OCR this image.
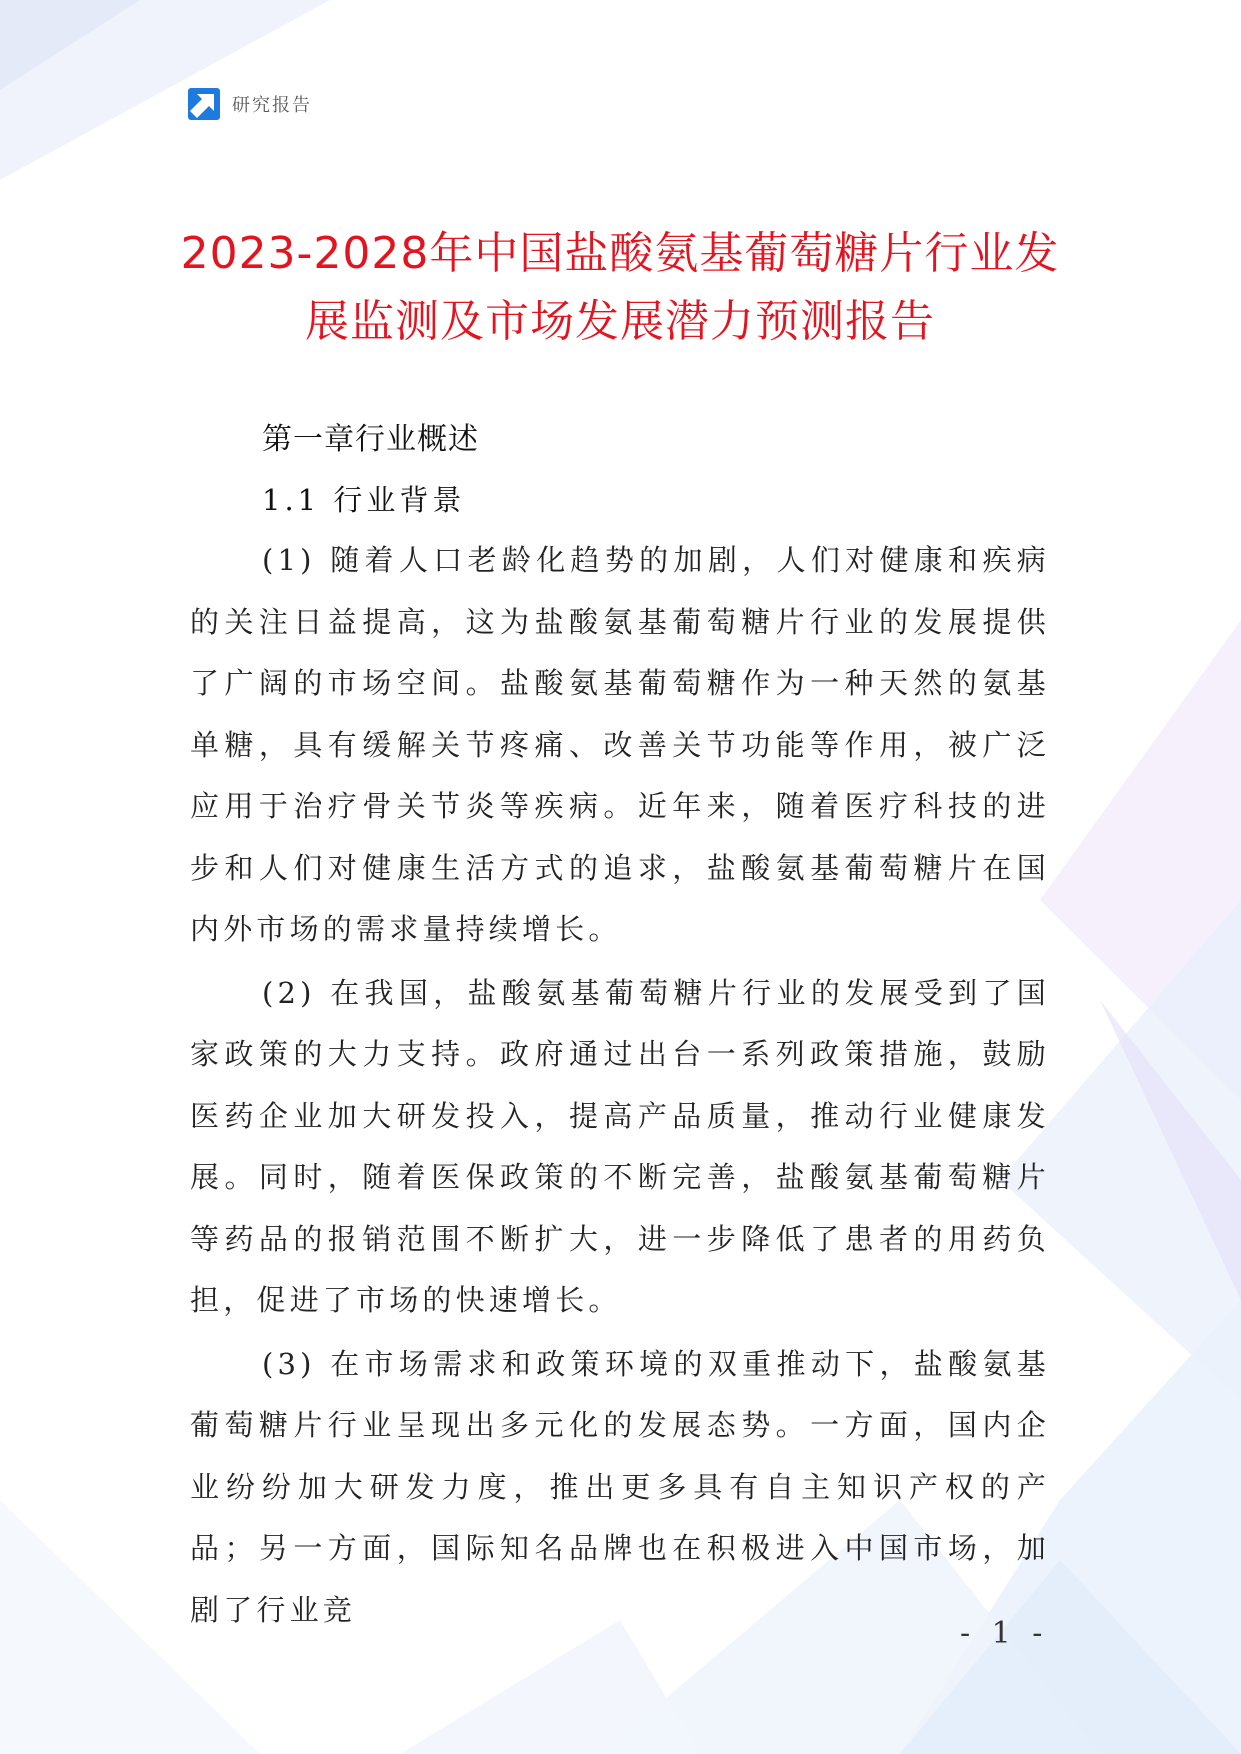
研究报告
2023-2028年中国盐酸氨基葡萄糖片行业发
展监测及市场发展潜力预测报告
第一章行业概述
1.1 行业背景

(1) 随着人口老龄化趋势的加剧，人们对健康和疾病的关注日益提高，这为盐酸氨基葡萄糖片行业的发展提供了广阔的市场空间。盐酸氨基葡萄糖作为一种天然的氨基单糖，具有缓解关节疼痛、改善关节功能等作用，被广泛应用于治疗骨关节炎等疾病。近年来，随着医疗科技的进步和人们对健康生活方式的追求，盐酸氨基葡萄糖片在国内外市场的需求量持续增长。

(2) 在我国，盐酸氨基葡萄糖片行业的发展受到了国家政策的大力支持。政府通过出台一系列政策措施，鼓励医药企业加大研发投入，提高产品质量，推动行业健康发展。同时，随着医保政策的不断完善，盐酸氨基葡萄糖片等药品的报销范围不断扩大，进一步降低了患者的用药负担，促进了市场的快速增长。

(3) 在市场需求和政策环境的双重推动下，盐酸氨基葡萄糖片行业呈现出多元化的发展态势。一方面，国内企业纷纷加大研发力度，推出更多具有自主知识产权的产品；另一方面，国际知名品牌也在积极进入中国市场，加剧了行业竞

- 1 -
